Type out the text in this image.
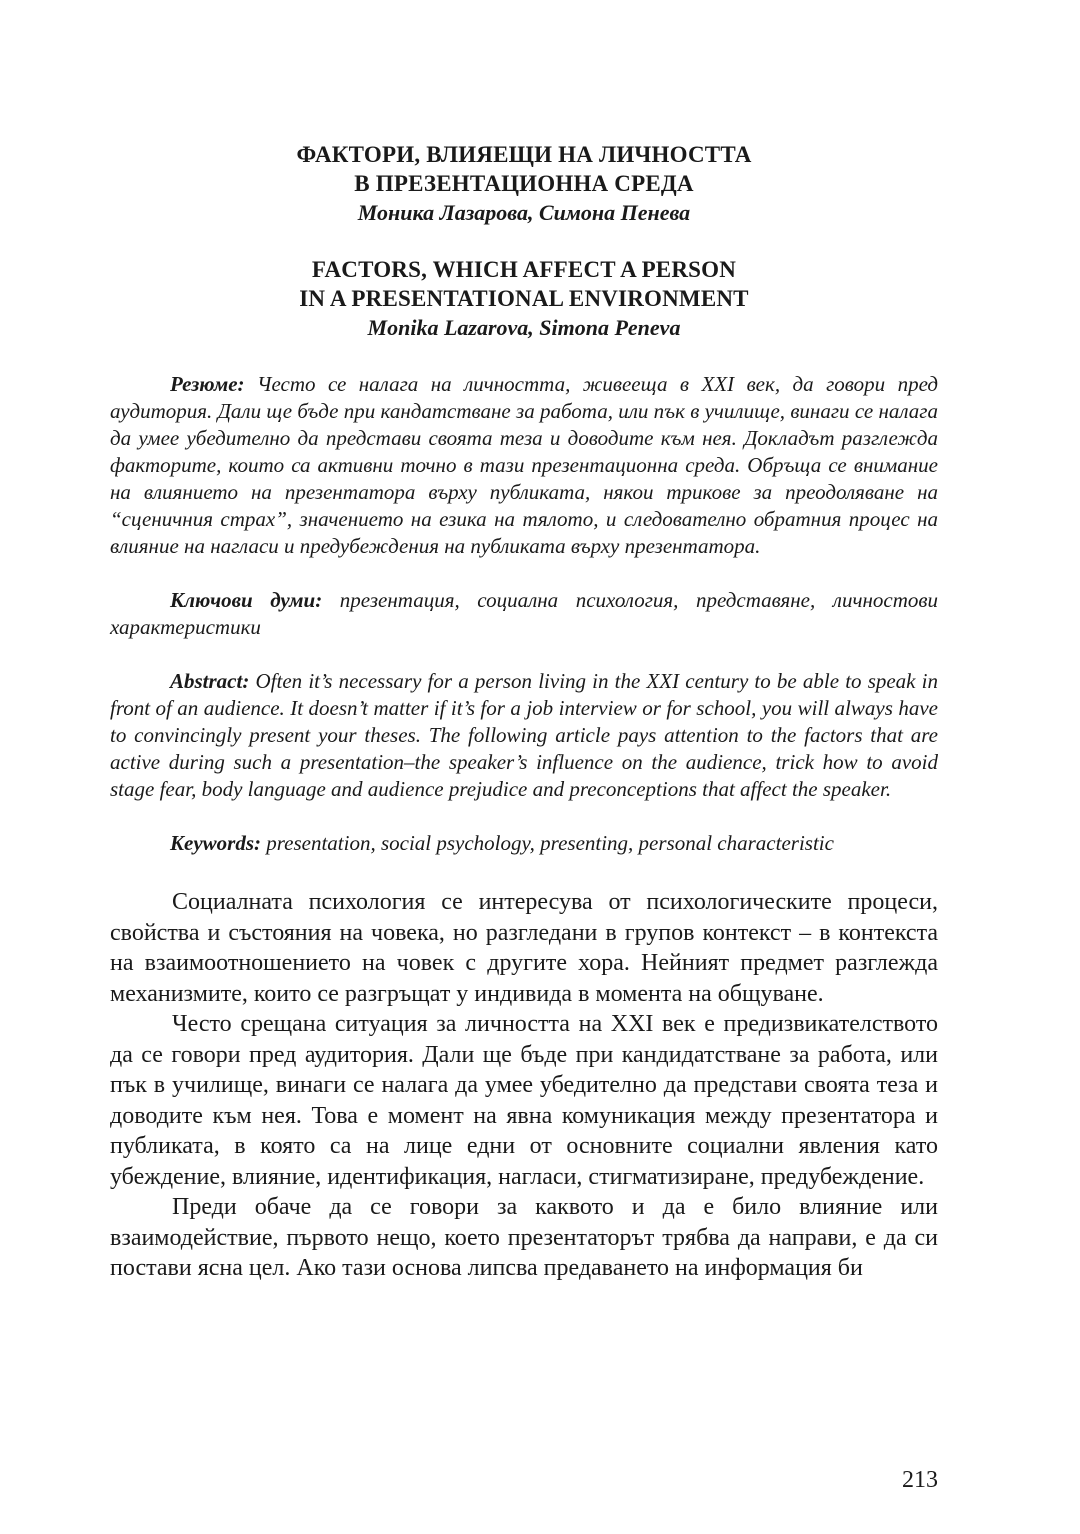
ФАКТОРИ, ВЛИЯЕЩИ НА ЛИЧНОСТТА

В ПРЕЗЕНТАЦИОННА СРЕДА

Моника Лазарова, Симона Пенева

FACTORS, WHICH AFFECT A PERSON

IN A PRESENTATIONAL ENVIRONMENT

Monika Lazarova, Simona Peneva

Резюме: Често се налага на личността, живееща в XXI век, да говори пред аудитория. Дали ще бъде при кандатстване за работа, или пък в училище, винаги се налага да умее убедително да представи своята теза и доводите към нея. Докладът разглежда факторите, които са активни точно в тази презентационна среда. Обръща се внимание на влиянието на презентатора върху публиката, някои трикове за преодоляване на “сценичния страх”, значението на езика на тялото, и следователно обратния процес на влияние на нагласи и предубеждения на публиката върху презентатора.

Ключови думи: презентация, социална психология, представяне, личностови характеристики

Abstract: Often it’s necessary for a person living in the XXI century to be able to speak in front of an audience. It doesn’t matter if it’s for a job interview or for school, you will always have to convincingly present your theses. The following article pays attention to the factors that are active during such a presentation–the speaker’s influence on the audience, trick how to avoid stage fear, body language and audience prejudice and preconceptions that affect the speaker.

Keywords: presentation, social psychology, presenting, personal characteristic

Социалната психология се интересува от психологическите процеси, свойства и състояния на човека, но разгледани в групов контекст – в контекста на взаимоотношението на човек с другите хора. Нейният предмет разглежда механизмите, които се разгръщат у индивида в момента на общуване.

Често срещана ситуация за личността на XXI век е предизвикателството да се говори пред аудитория. Дали ще бъде при кандидатстване за работа, или пък в училище, винаги се налага да умее убедително да представи своята теза и доводите към нея. Това е момент на явна комуникация между презентатора и публиката, в която са на лице едни от основните социални явления като убеждение, влияние, идентификация, нагласи, стигматизиране, предубеждение.

Преди обаче да се говори за каквото и да е било влияние или взаимодействие, първото нещо, което презентаторът трябва да направи, е да си постави ясна цел. Ако тази основа липсва предаването на информация би

213
